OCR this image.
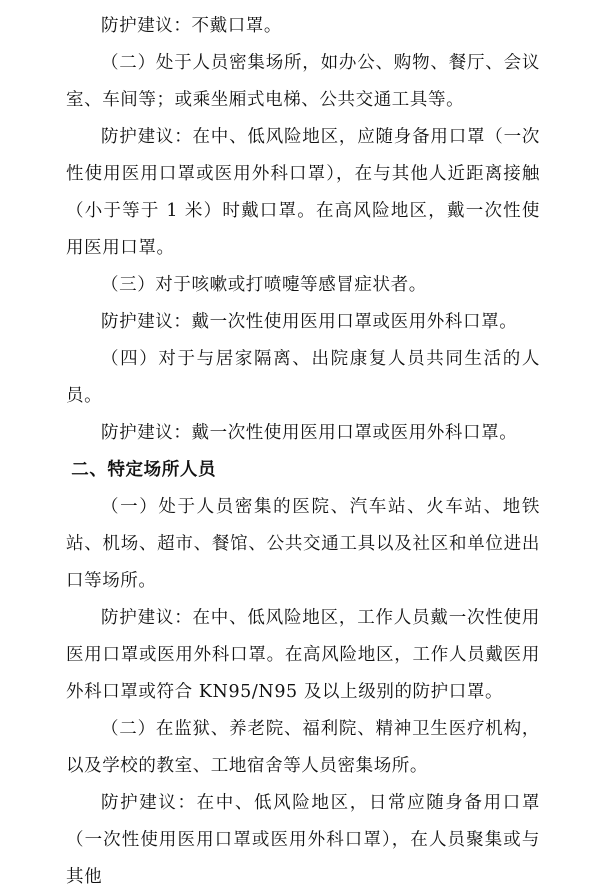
防护建议：不戴口罩。

（二）处于人员密集场所，如办公、购物、餐厅、会议室、车间等；或乘坐厢式电梯、公共交通工具等。

防护建议：在中、低风险地区，应随身备用口罩（一次性使用医用口罩或医用外科口罩），在与其他人近距离接触（小于等于 1 米）时戴口罩。在高风险地区，戴一次性使用医用口罩。

（三）对于咳嗽或打喷嚏等感冒症状者。

防护建议：戴一次性使用医用口罩或医用外科口罩。

（四）对于与居家隔离、出院康复人员共同生活的人员。

防护建议：戴一次性使用医用口罩或医用外科口罩。

二、特定场所人员

（一）处于人员密集的医院、汽车站、火车站、地铁站、机场、超市、餐馆、公共交通工具以及社区和单位进出口等场所。

防护建议：在中、低风险地区，工作人员戴一次性使用医用口罩或医用外科口罩。在高风险地区，工作人员戴医用外科口罩或符合 KN95/N95 及以上级别的防护口罩。

（二）在监狱、养老院、福利院、精神卫生医疗机构，以及学校的教室、工地宿舍等人员密集场所。

防护建议：在中、低风险地区，日常应随身备用口罩（一次性使用医用口罩或医用外科口罩），在人员聚集或与其他
